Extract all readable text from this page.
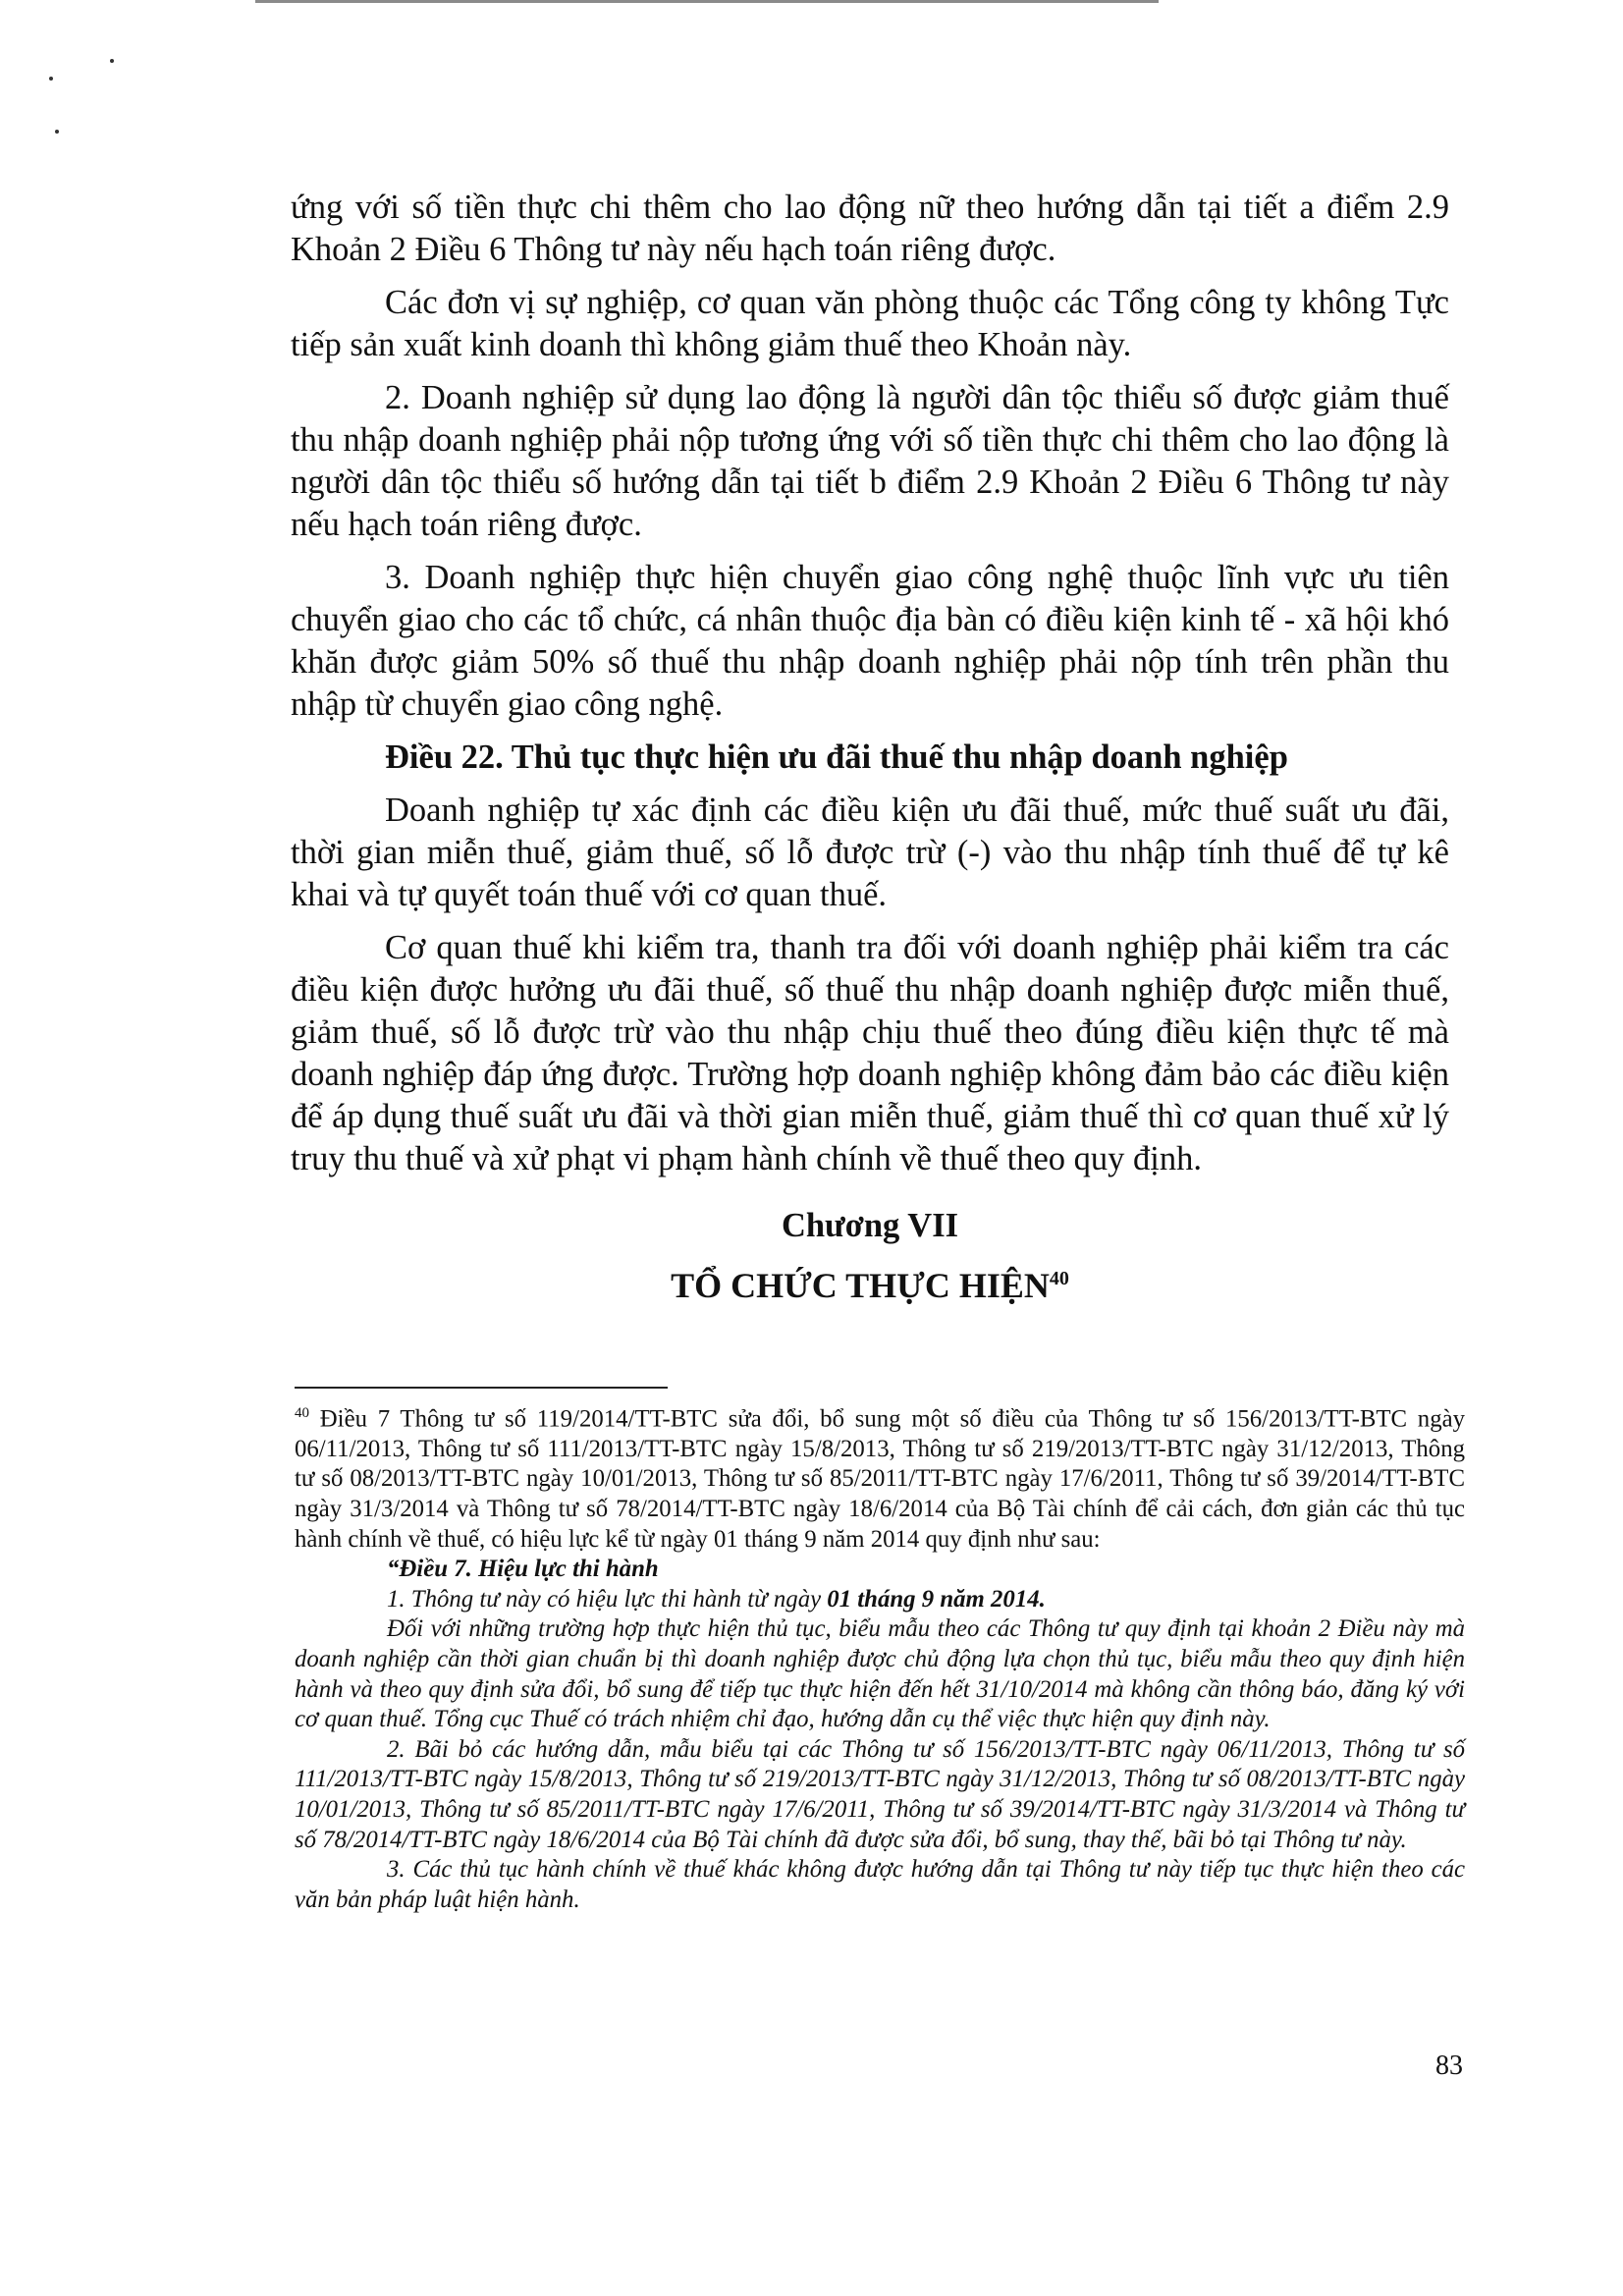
ứng với số tiền thực chi thêm cho lao động nữ theo hướng dẫn tại tiết a điểm 2.9 Khoản 2 Điều 6 Thông tư này nếu hạch toán riêng được.

Các đơn vị sự nghiệp, cơ quan văn phòng thuộc các Tổng công ty không Tực tiếp sản xuất kinh doanh thì không giảm thuế theo Khoản này.

2. Doanh nghiệp sử dụng lao động là người dân tộc thiểu số được giảm thuế thu nhập doanh nghiệp phải nộp tương ứng với số tiền thực chi thêm cho lao động là người dân tộc thiểu số hướng dẫn tại tiết b điểm 2.9 Khoản 2 Điều 6 Thông tư này nếu hạch toán riêng được.

3. Doanh nghiệp thực hiện chuyển giao công nghệ thuộc lĩnh vực ưu tiên chuyển giao cho các tổ chức, cá nhân thuộc địa bàn có điều kiện kinh tế - xã hội khó khăn được giảm 50% số thuế thu nhập doanh nghiệp phải nộp tính trên phần thu nhập từ chuyển giao công nghệ.

Điều 22. Thủ tục thực hiện ưu đãi thuế thu nhập doanh nghiệp

Doanh nghiệp tự xác định các điều kiện ưu đãi thuế, mức thuế suất ưu đãi, thời gian miễn thuế, giảm thuế, số lỗ được trừ (-) vào thu nhập tính thuế để tự kê khai và tự quyết toán thuế với cơ quan thuế.

Cơ quan thuế khi kiểm tra, thanh tra đối với doanh nghiệp phải kiểm tra các điều kiện được hưởng ưu đãi thuế, số thuế thu nhập doanh nghiệp được miễn thuế, giảm thuế, số lỗ được trừ vào thu nhập chịu thuế theo đúng điều kiện thực tế mà doanh nghiệp đáp ứng được. Trường hợp doanh nghiệp không đảm bảo các điều kiện để áp dụng thuế suất ưu đãi và thời gian miễn thuế, giảm thuế thì cơ quan thuế xử lý truy thu thuế và xử phạt vi phạm hành chính về thuế theo quy định.

Chương VII
TỔ CHỨC THỰC HIỆN$^{40}$

$^{40}$ Điều 7 Thông tư số 119/2014/TT-BTC sửa đổi, bổ sung một số điều của Thông tư số 156/2013/TT-BTC ngày 06/11/2013, Thông tư số 111/2013/TT-BTC ngày 15/8/2013, Thông tư số 219/2013/TT-BTC ngày 31/12/2013, Thông tư số 08/2013/TT-BTC ngày 10/01/2013, Thông tư số 85/2011/TT-BTC ngày 17/6/2011, Thông tư số 39/2014/TT-BTC ngày 31/3/2014 và Thông tư số 78/2014/TT-BTC ngày 18/6/2014 của Bộ Tài chính để cải cách, đơn giản các thủ tục hành chính về thuế, có hiệu lực kể từ ngày 01 tháng 9 năm 2014 quy định như sau:

“Điều 7. Hiệu lực thi hành

1. Thông tư này có hiệu lực thi hành từ ngày 01 tháng 9 năm 2014.

Đối với những trường hợp thực hiện thủ tục, biểu mẫu theo các Thông tư quy định tại khoản 2 Điều này mà doanh nghiệp cần thời gian chuẩn bị thì doanh nghiệp được chủ động lựa chọn thủ tục, biểu mẫu theo quy định hiện hành và theo quy định sửa đổi, bổ sung để tiếp tục thực hiện đến hết 31/10/2014 mà không cần thông báo, đăng ký với cơ quan thuế. Tổng cục Thuế có trách nhiệm chỉ đạo, hướng dẫn cụ thể việc thực hiện quy định này.

2. Bãi bỏ các hướng dẫn, mẫu biểu tại các Thông tư số 156/2013/TT-BTC ngày 06/11/2013, Thông tư số 111/2013/TT-BTC ngày 15/8/2013, Thông tư số 219/2013/TT-BTC ngày 31/12/2013, Thông tư số 08/2013/TT-BTC ngày 10/01/2013, Thông tư số 85/2011/TT-BTC ngày 17/6/2011, Thông tư số 39/2014/TT-BTC ngày 31/3/2014 và Thông tư số 78/2014/TT-BTC ngày 18/6/2014 của Bộ Tài chính đã được sửa đổi, bổ sung, thay thế, bãi bỏ tại Thông tư này.

3. Các thủ tục hành chính về thuế khác không được hướng dẫn tại Thông tư này tiếp tục thực hiện theo các văn bản pháp luật hiện hành.

83
